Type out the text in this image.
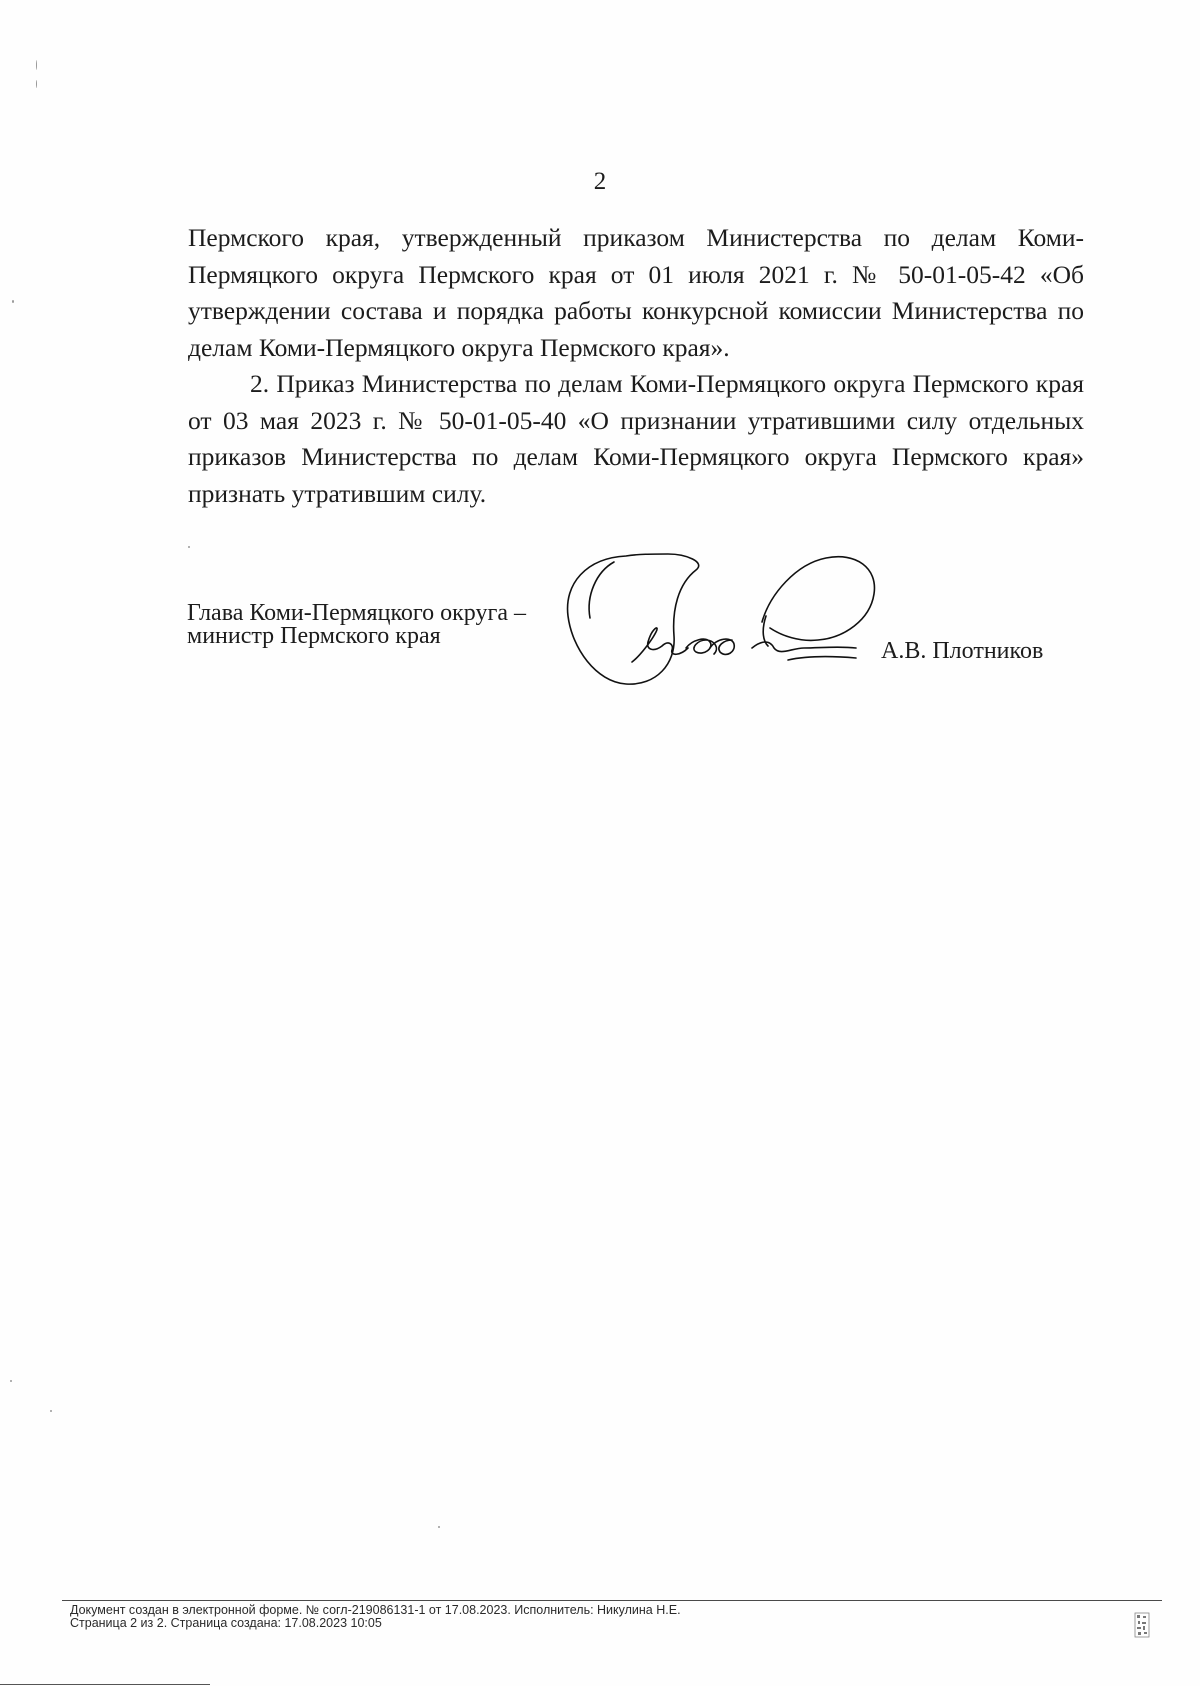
2

Пермского края, утвержденный приказом Министерства по делам Коми-Пермяцкого округа Пермского края от 01 июля 2021 г. № 50-01-05-42 «Об утверждении состава и порядка работы конкурсной комиссии Министерства по делам Коми-Пермяцкого округа Пермского края».

2. Приказ Министерства по делам Коми-Пермяцкого округа Пермского края от 03 мая 2023 г. № 50-01-05-40 «О признании утратившими силу отдельных приказов Министерства по делам Коми-Пермяцкого округа Пермского края» признать утратившим силу.

Глава Коми-Пермяцкого округа –
министр Пермского края
А.В. Плотников
Документ создан в электронной форме. № согл-219086131-1 от 17.08.2023. Исполнитель: Никулина Н.Е.
Страница 2 из 2. Страница создана: 17.08.2023 10:05
